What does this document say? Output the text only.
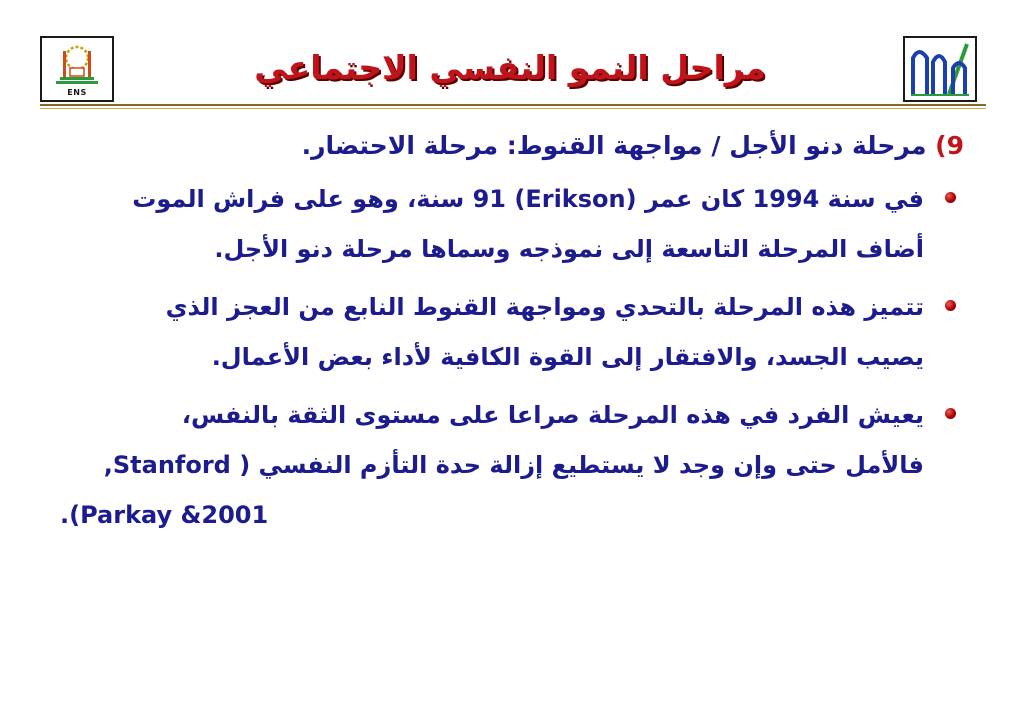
ENS
مراحل النمو النفسي الاجتماعي
9) مرحلة دنو الأجل / مواجهة القنوط: مرحلة الاحتضار.
في سنة 1994 كان عمر (Erikson) 91 سنة، وهو على فراش الموت
أضاف المرحلة التاسعة إلى نموذجه وسماها مرحلة دنو الأجل.
تتميز هذه المرحلة بالتحدي ومواجهة القنوط النابع من العجز الذي
يصيب الجسد، والافتقار إلى القوة الكافية لأداء بعض الأعمال.
يعيش الفرد في هذه المرحلة صراعا على مستوى الثقة بالنفس،
فالأمل حتى وإن وجد لا يستطيع إزالة حدة التأزم النفسي ( Stanford,
.(Parkay &2001
